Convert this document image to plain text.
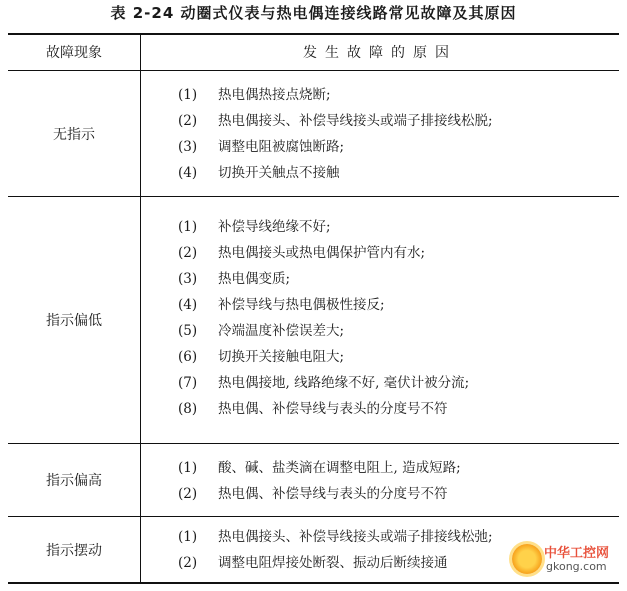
表 2-24 动圈式仪表与热电偶连接线路常见故障及其原因
故障现象	发生故障的原因
无指示
(1) 热电偶热接点烧断;
(2) 热电偶接头、补偿导线接头或端子排接线松脱;
(3) 调整电阻被腐蚀断路;
(4) 切换开关触点不接触
指示偏低
(1) 补偿导线绝缘不好;
(2) 热电偶接头或热电偶保护管内有水;
(3) 热电偶变质;
(4) 补偿导线与热电偶极性接反;
(5) 冷端温度补偿误差大;
(6) 切换开关接触电阻大;
(7) 热电偶接地, 线路绝缘不好, 毫伏计被分流;
(8) 热电偶、补偿导线与表头的分度号不符
指示偏高
(1) 酸、碱、盐类滴在调整电阻上, 造成短路;
(2) 热电偶、补偿导线与表头的分度号不符
指示摆动
(1) 热电偶接头、补偿导线接头或端子排接线松弛;
(2) 调整电阻焊接处断裂、振动后断续接通
中华工控网
gkong.com
